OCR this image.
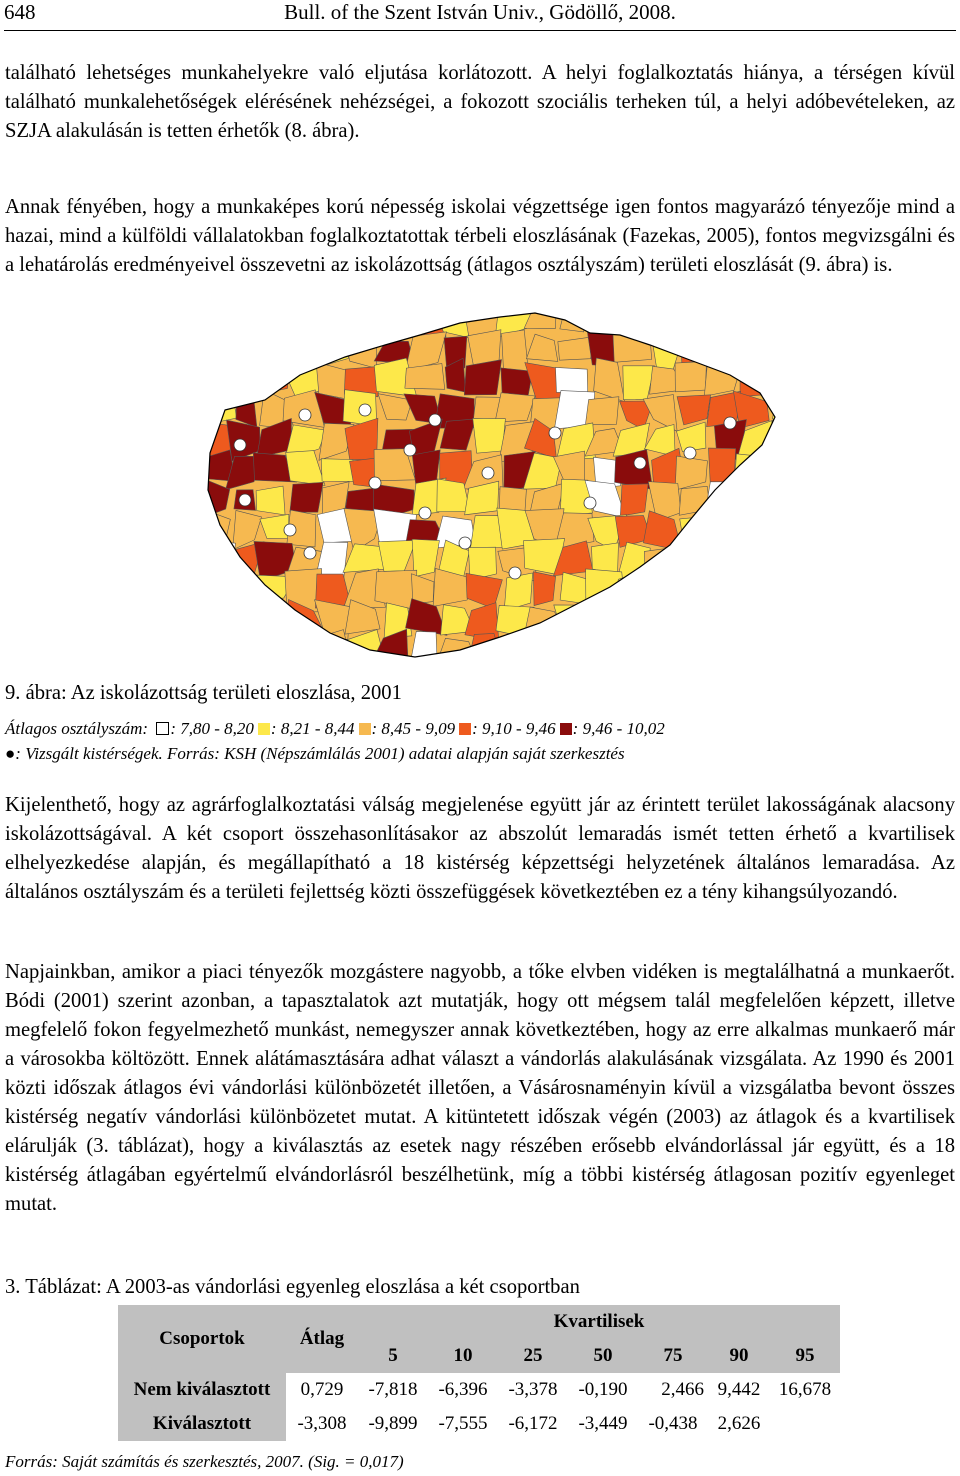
648	Bull. of the Szent István Univ., Gödöllő, 2008.

található lehetséges munkahelyekre való eljutása korlátozott. A helyi foglalkoztatás hiánya, a térségen kívül található munkalehetőségek elérésének nehézségei, a fokozott szociális terheken túl, a helyi adóbevételeken, az SZJA alakulásán is tetten érhetők (8. ábra).

Annak fényében, hogy a munkaképes korú népesség iskolai végzettsége igen fontos magyarázó tényezője mind a hazai, mind a külföldi vállalatokban foglalkoztatottak térbeli eloszlásának (Fazekas, 2005), fontos megvizsgálni és a lehatárolás eredményeivel összevetni az iskolázottság (átlagos osztályszám) területi eloszlását (9. ábra) is.

9. ábra: Az iskolázottság területi eloszlása, 2001
Átlagos osztályszám: : 7,80 - 8,20 : 8,21 - 8,44 : 8,45 - 9,09 : 9,10 - 9,46 : 9,46 - 10,02
●: Vizsgált kistérségek. Forrás: KSH (Népszámlálás 2001) adatai alapján saját szerkesztés

Kijelenthető, hogy az agrárfoglalkoztatási válság megjelenése együtt jár az érintett terület lakosságának alacsony iskolázottságával. A két csoport összehasonlításakor az abszolút lemaradás ismét tetten érhető a kvartilisek elhelyezkedése alapján, és megállapítható a 18 kistérség képzettségi helyzetének általános lemaradása. Az általános osztályszám és a területi fejlettség közti összefüggések következtében ez a tény kihangsúlyozandó.

Napjainkban, amikor a piaci tényezők mozgástere nagyobb, a tőke elvben vidéken is megtalálhatná a munkaerőt. Bódi (2001) szerint azonban, a tapasztalatok azt mutatják, hogy ott mégsem talál megfelelően képzett, illetve megfelelő fokon fegyelmezhető munkást, nemegyszer annak következtében, hogy az erre alkalmas munkaerő már a városokba költözött. Ennek alátámasztására adhat választ a vándorlás alakulásának vizsgálata. Az 1990 és 2001 közti időszak átlagos évi vándorlási különbözetét illetően, a Vásárosnaményin kívül a vizsgálatba bevont összes kistérség negatív vándorlási különbözetet mutat. A kitüntetett időszak végén (2003) az átlagok és a kvartilisek elárulják (3. táblázat), hogy a kiválasztás az esetek nagy részében erősebb elvándorlással jár együtt, és a 18 kistérség átlagában egyértelmű elvándorlásról beszélhetünk, míg a többi kistérség átlagosan pozitív egyenleget mutat.

3. Táblázat: A 2003-as vándorlási egyenleg eloszlása a két csoportban
Csoportok	Átlag	Kvartilisek						
		5	10	25	50	75	90	95
Nem kiválasztott	0,729	-7,818	-6,396	-3,378	-0,190	2,466	9,442	16,678
Kiválasztott	-3,308	-9,899	-7,555	-6,172	-3,449	-0,438	2,626	
Forrás: Saját számítás és szerkesztés, 2007. (Sig. = 0,017)
